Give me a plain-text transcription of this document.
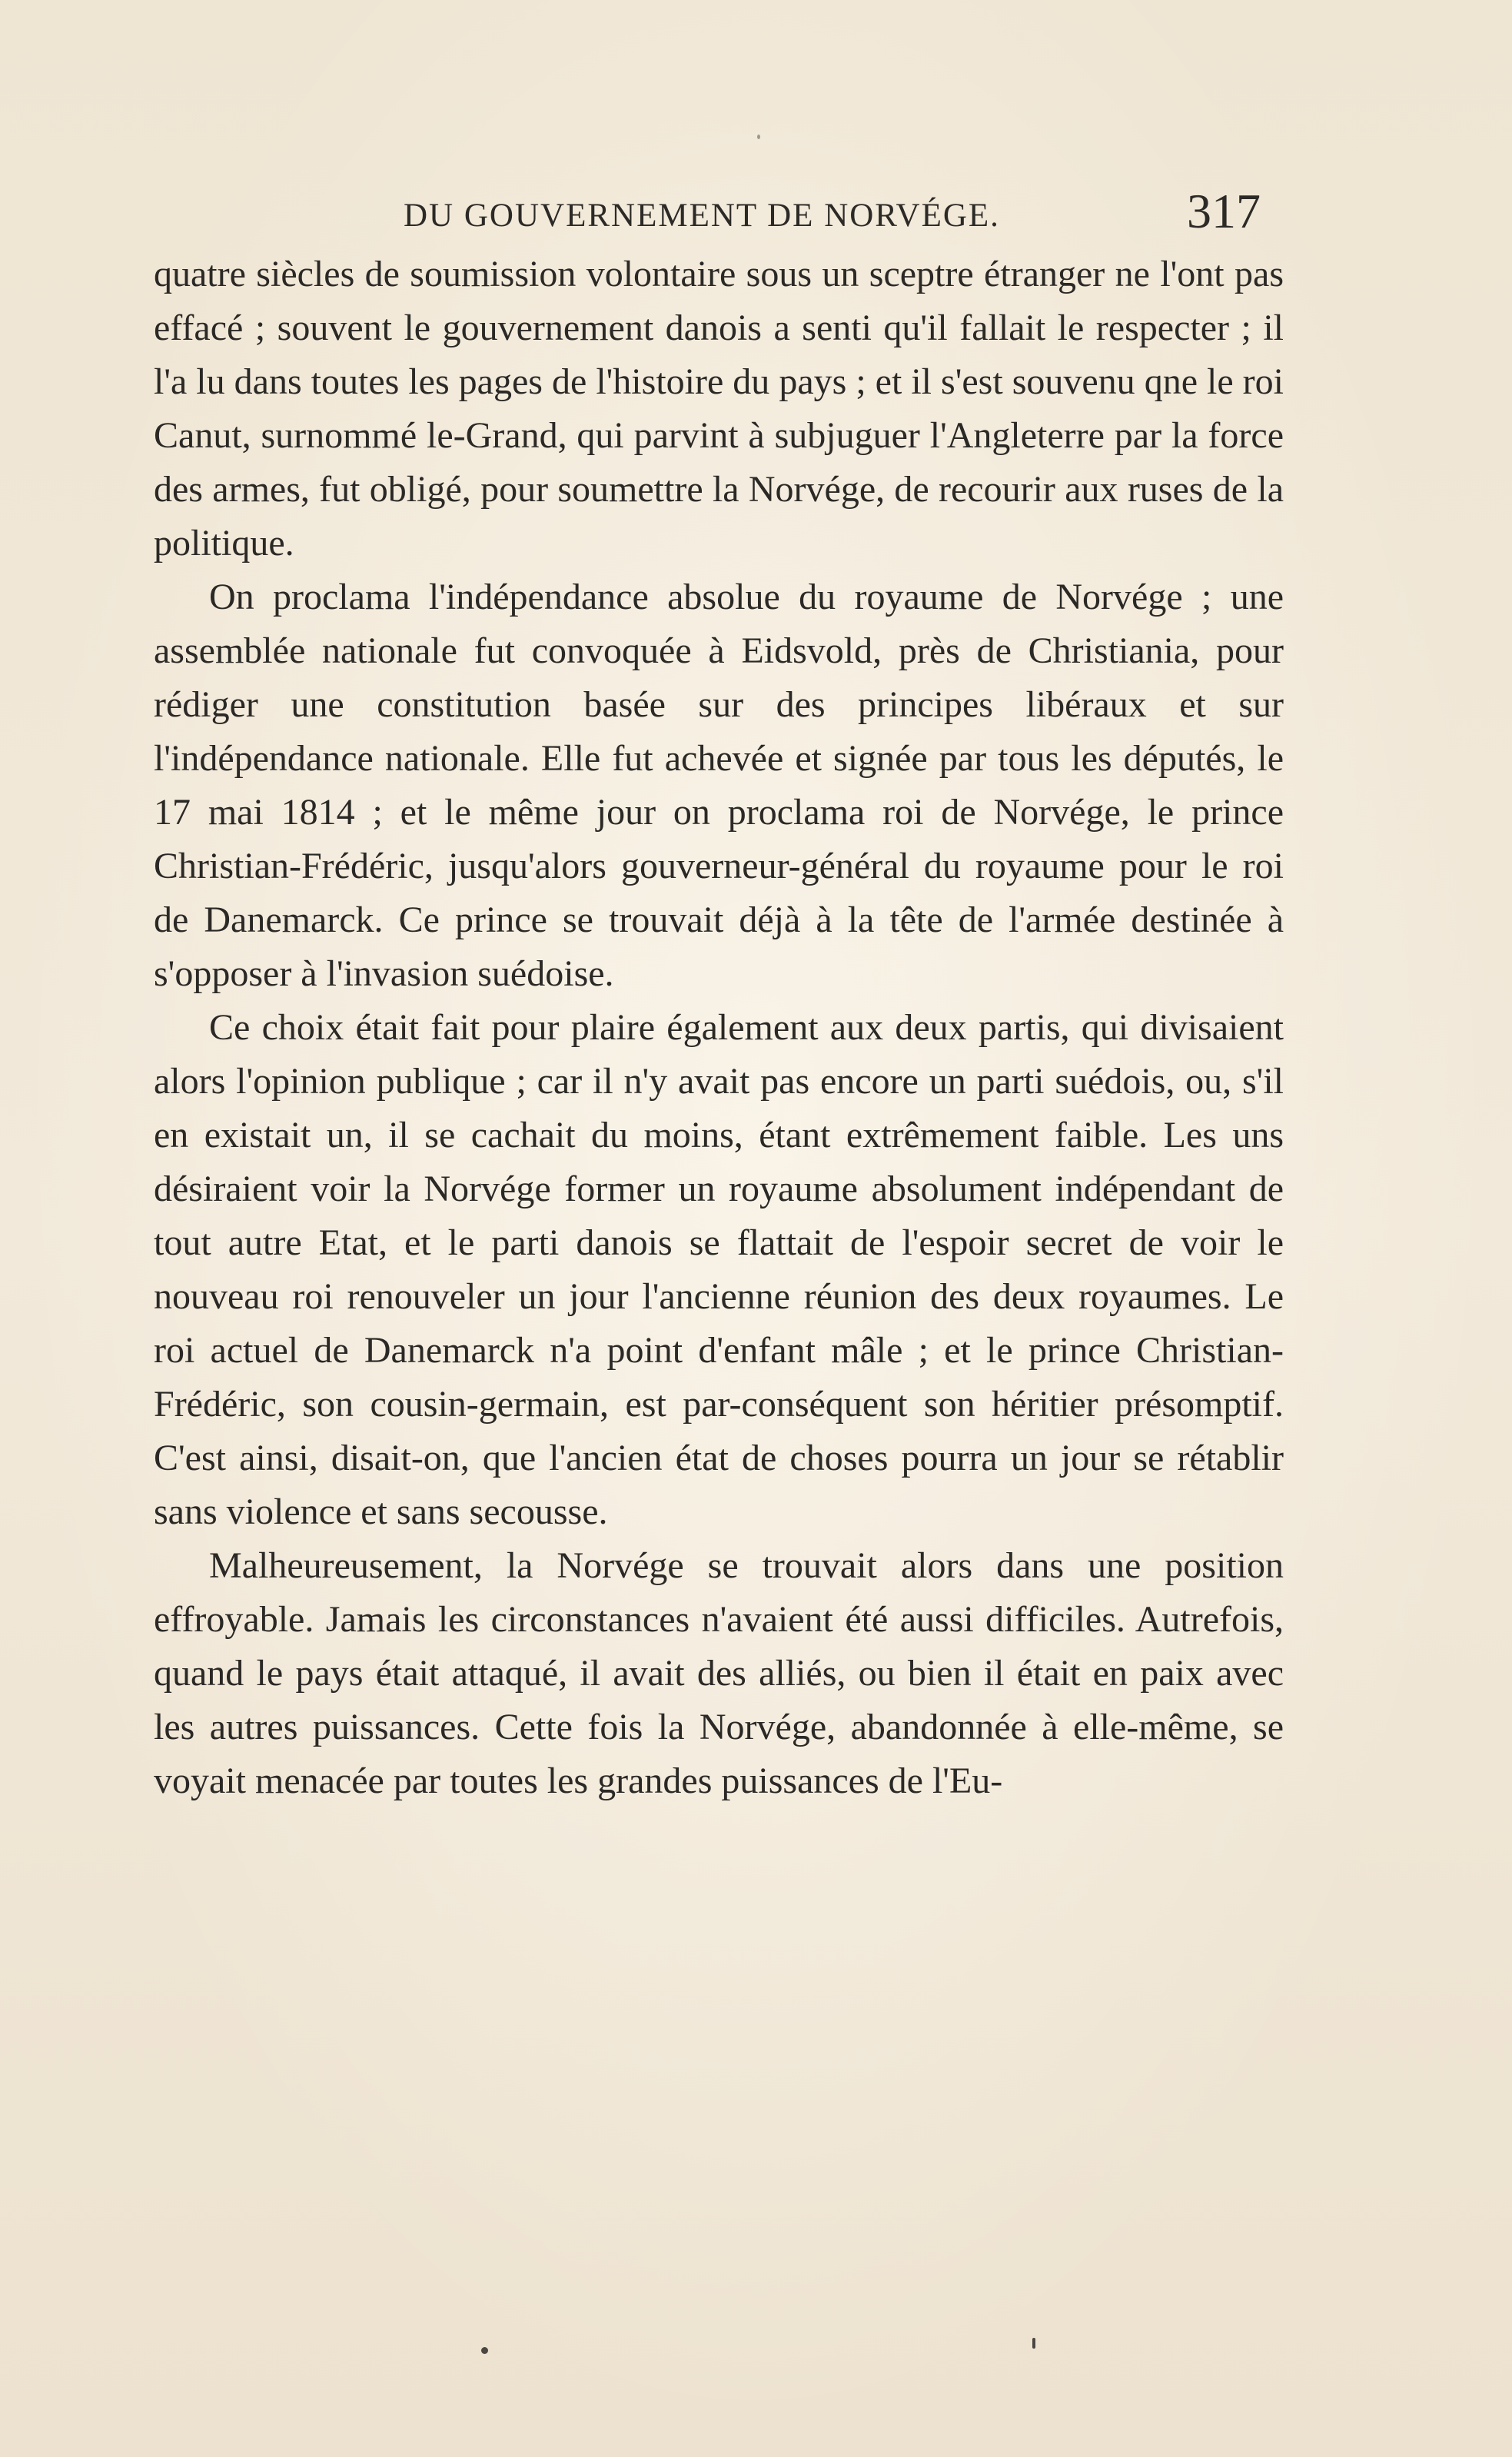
DU GOUVERNEMENT DE NORVÉGE.	317

quatre siècles de soumission volontaire sous un sceptre étranger ne l'ont pas effacé ; souvent le gouvernement danois a senti qu'il fallait le respecter ; il l'a lu dans toutes les pages de l'histoire du pays ; et il s'est souvenu qne le roi Canut, surnommé le-Grand, qui parvint à subjuguer l'Angleterre par la force des armes, fut obligé, pour soumettre la Norvége, de recourir aux ruses de la politique.

On proclama l'indépendance absolue du royaume de Norvége ; une assemblée nationale fut convoquée à Eidsvold, près de Christiania, pour rédiger une constitution basée sur des principes libéraux et sur l'indépendance nationale. Elle fut achevée et signée par tous les députés, le 17 mai 1814 ; et le même jour on proclama roi de Norvége, le prince Christian-Frédéric, jusqu'alors gouverneur-général du royaume pour le roi de Danemarck. Ce prince se trouvait déjà à la tête de l'armée destinée à s'opposer à l'invasion suédoise.

Ce choix était fait pour plaire également aux deux partis, qui divisaient alors l'opinion publique ; car il n'y avait pas encore un parti suédois, ou, s'il en existait un, il se cachait du moins, étant extrêmement faible. Les uns désiraient voir la Norvége former un royaume absolument indépendant de tout autre Etat, et le parti danois se flattait de l'espoir secret de voir le nouveau roi renouveler un jour l'ancienne réunion des deux royaumes. Le roi actuel de Danemarck n'a point d'enfant mâle ; et le prince Christian-Frédéric, son cousin-germain, est par-conséquent son héritier présomptif. C'est ainsi, disait-on, que l'ancien état de choses pourra un jour se rétablir sans violence et sans secousse.

Malheureusement, la Norvége se trouvait alors dans une position effroyable. Jamais les circonstances n'avaient été aussi difficiles. Autrefois, quand le pays était attaqué, il avait des alliés, ou bien il était en paix avec les autres puissances. Cette fois la Norvége, abandonnée à elle-même, se voyait menacée par toutes les grandes puissances de l'Eu-
